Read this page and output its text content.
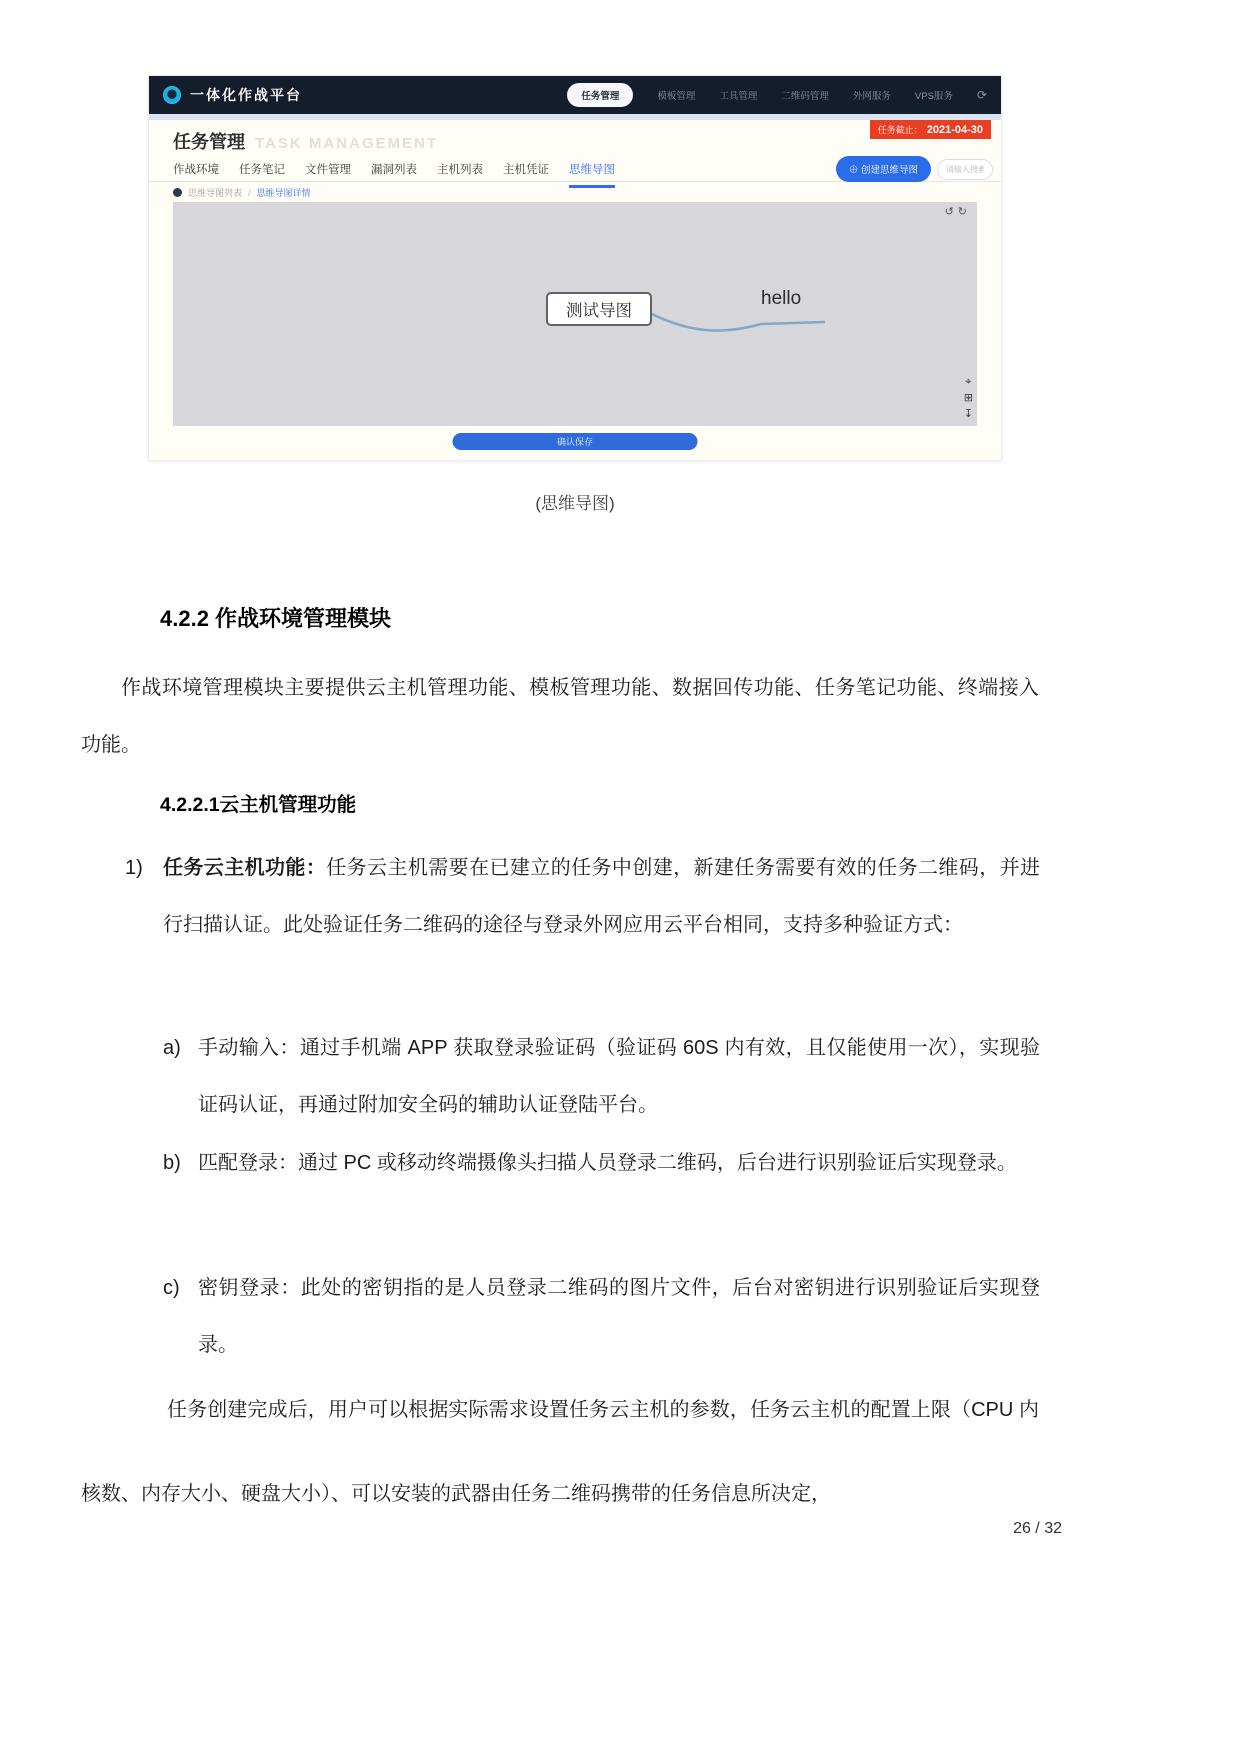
一体化作战平台	任务管理	模板管理	工具管理	二维码管理	外网服务	VPS服务 ⟳
任务管理 TASK MANAGEMENT
任务截止： 2021-04-30
作战环境 任务笔记 文件管理 漏洞列表 主机列表 主机凭证 思维导图	⊕ 创建思维导图
请输入搜索内容
思维导图列表 / 思维导图详情
↺↻
测试导图
hello
⌖
⊞
↧
确认保存
(思维导图)
4.2.2 作战环境管理模块
作战环境管理模块主要提供云主机管理功能、模板管理功能、数据回传功能、任务笔记功能、终端接入功能。
4.2.2.1云主机管理功能
1) 任务云主机功能：任务云主机需要在已建立的任务中创建，新建任务需要有效的任务二维码，并进行扫描认证。此处验证任务二维码的途径与登录外网应用云平台相同，支持多种验证方式：
a) 手动输入：通过手机端 APP 获取登录验证码（验证码 60S 内有效，且仅能使用一次），实现验证码认证，再通过附加安全码的辅助认证登陆平台。
b) 匹配登录：通过 PC 或移动终端摄像头扫描人员登录二维码，后台进行识别验证后实现登录。
c) 密钥登录：此处的密钥指的是人员登录二维码的图片文件，后台对密钥进行识别验证后实现登录。
任务创建完成后，用户可以根据实际需求设置任务云主机的参数，任务云主机的配置上限（CPU 内核数、内存大小、硬盘大小）、可以安装的武器由任务二维码携带的任务信息所决定，
26 / 32
